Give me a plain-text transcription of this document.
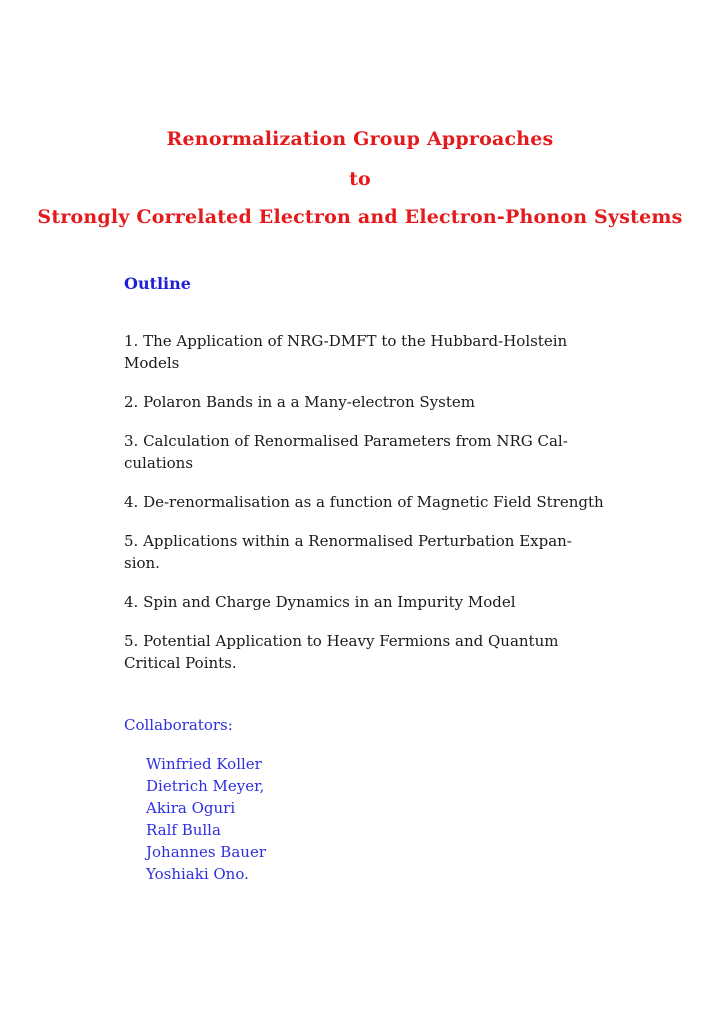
Renormalization Group Approaches
to
Strongly Correlated Electron and Electron-Phonon Systems
Outline
1. The Application of NRG-DMFT to the Hubbard-Holstein Models
2. Polaron Bands in a a Many-electron System
3. Calculation of Renormalised Parameters from NRG Cal- culations
4. De-renormalisation as a function of Magnetic Field Strength
5. Applications within a Renormalised Perturbation Expan- sion.
4. Spin and Charge Dynamics in an Impurity Model
5. Potential Application to Heavy Fermions and Quantum Critical Points.
Collaborators:
Winfried Koller
Dietrich Meyer,
Akira Oguri
Ralf Bulla
Johannes Bauer
Yoshiaki Ono.
